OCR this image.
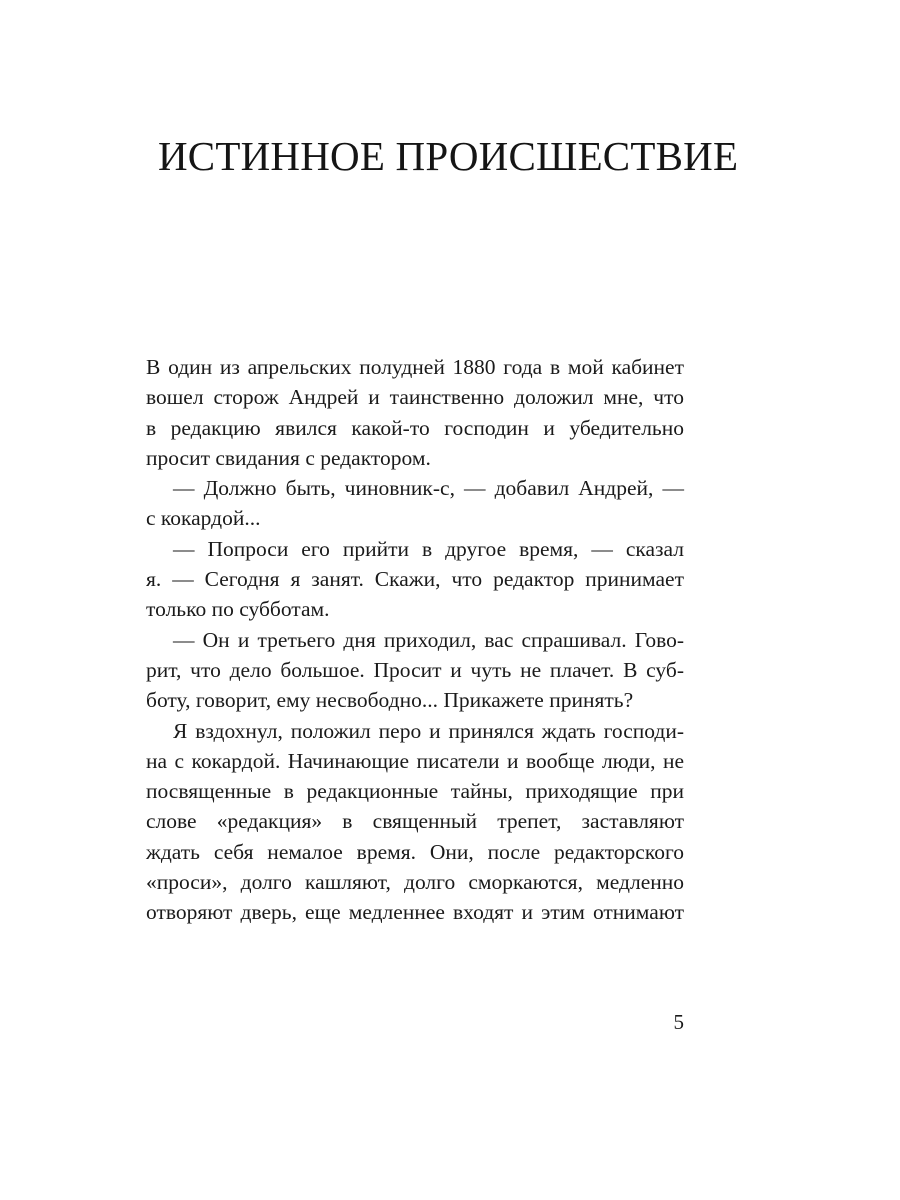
ИСТИННОЕ ПРОИСШЕСТВИЕ
В один из апрельских полудней 1880 года в мой кабинет
вошел сторож Андрей и таинственно доложил мне, что
в редакцию явился какой-то господин и убедительно
просит свидания с редактором.
— Должно быть, чиновник-с, — добавил Андрей, —
с кокардой...
— Попроси его прийти в другое время, — сказал
я. — Сегодня я занят. Скажи, что редактор принимает
только по субботам.
— Он и третьего дня приходил, вас спрашивал. Гово-
рит, что дело большое. Просит и чуть не плачет. В суб-
боту, говорит, ему несвободно... Прикажете принять?
Я вздохнул, положил перо и принялся ждать господи-
на с кокардой. Начинающие писатели и вообще люди, не
посвященные в редакционные тайны, приходящие при
слове «редакция» в священный трепет, заставляют
ждать себя немалое время. Они, после редакторского
«проси», долго кашляют, долго сморкаются, медленно
отворяют дверь, еще медленнее входят и этим отнимают
5
